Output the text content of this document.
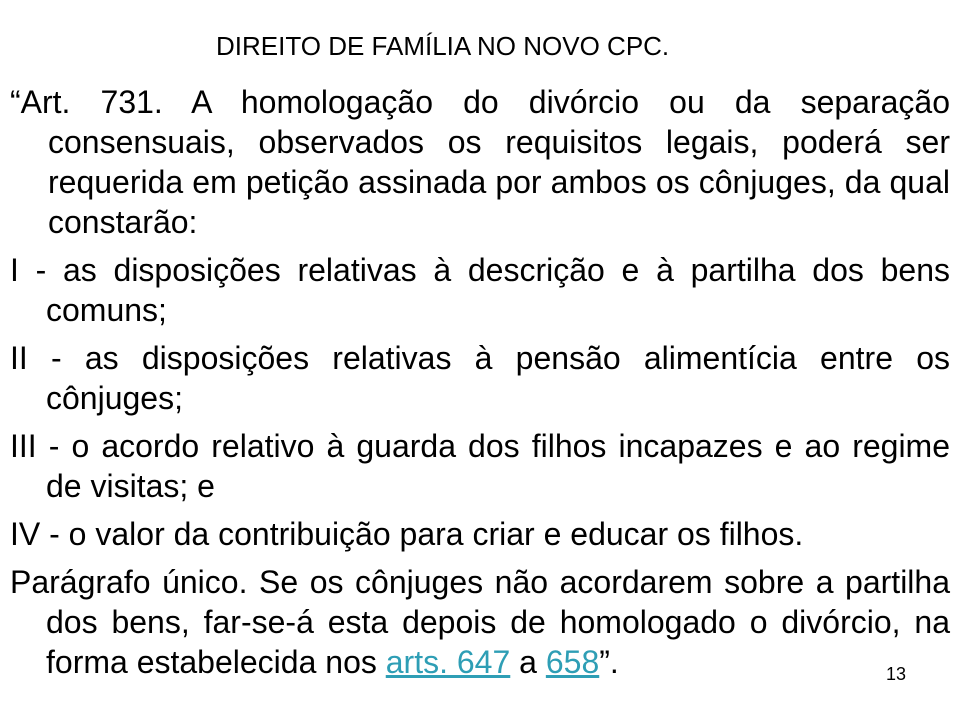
DIREITO DE FAMÍLIA NO NOVO CPC.

“Art. 731. A homologação do divórcio ou da separação consensuais, observados os requisitos legais, poderá ser requerida em petição assinada por ambos os cônjuges, da qual constarão:

I - as disposições relativas à descrição e à partilha dos bens comuns;

II - as disposições relativas à pensão alimentícia entre os cônjuges;

III - o acordo relativo à guarda dos filhos incapazes e ao regime de visitas; e

IV - o valor da contribuição para criar e educar os filhos.

Parágrafo único. Se os cônjuges não acordarem sobre a partilha dos bens, far-se-á esta depois de homologado o divórcio, na forma estabelecida nos arts. 647 a 658”.	13
